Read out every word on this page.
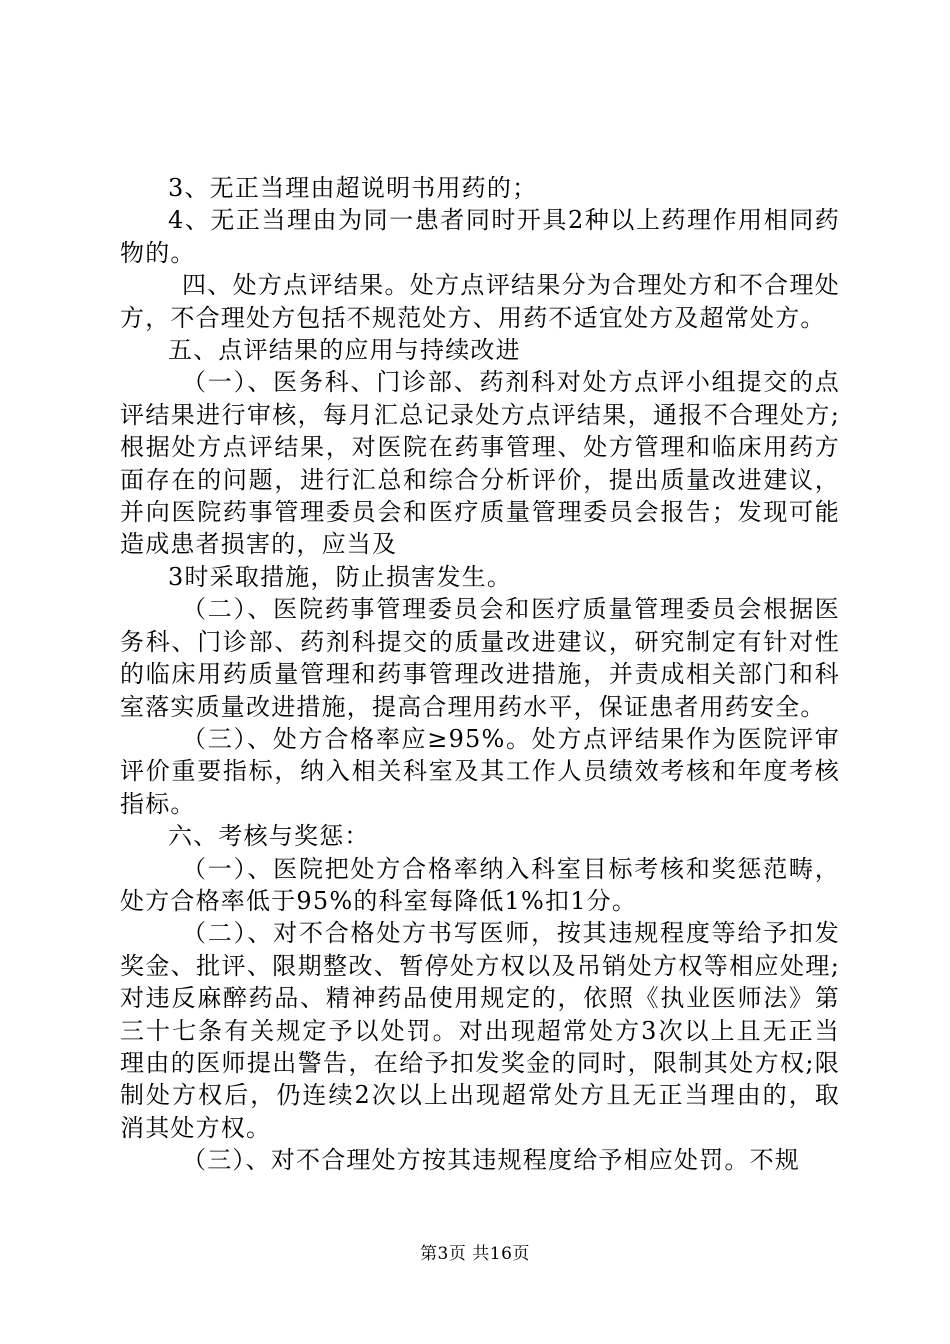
3、无正当理由超说明书用药的；

4、无正当理由为同一患者同时开具2种以上药理作用相同药物的。

四、处方点评结果。处方点评结果分为合理处方和不合理处方，不合理处方包括不规范处方、用药不适宜处方及超常处方。

五、点评结果的应用与持续改进

（一）、医务科、门诊部、药剂科对处方点评小组提交的点评结果进行审核，每月汇总记录处方点评结果，通报不合理处方;根据处方点评结果，对医院在药事管理、处方管理和临床用药方面存在的问题，进行汇总和综合分析评价，提出质量改进建议，并向医院药事管理委员会和医疗质量管理委员会报告；发现可能造成患者损害的，应当及

3时采取措施，防止损害发生。

（二）、医院药事管理委员会和医疗质量管理委员会根据医务科、门诊部、药剂科提交的质量改进建议，研究制定有针对性的临床用药质量管理和药事管理改进措施，并责成相关部门和科室落实质量改进措施，提高合理用药水平，保证患者用药安全。

（三）、处方合格率应≥95%。处方点评结果作为医院评审评价重要指标，纳入相关科室及其工作人员绩效考核和年度考核指标。

六、考核与奖惩：

（一）、医院把处方合格率纳入科室目标考核和奖惩范畴，处方合格率低于95%的科室每降低1%扣1分。

（二）、对不合格处方书写医师，按其违规程度等给予扣发奖金、批评、限期整改、暂停处方权以及吊销处方权等相应处理;对违反麻醉药品、精神药品使用规定的，依照《执业医师法》第三十七条有关规定予以处罚。对出现超常处方3次以上且无正当理由的医师提出警告，在给予扣发奖金的同时，限制其处方权;限制处方权后，仍连续2次以上出现超常处方且无正当理由的，取消其处方权。

（三）、对不合理处方按其违规程度给予相应处罚。不规

第3页 共16页
